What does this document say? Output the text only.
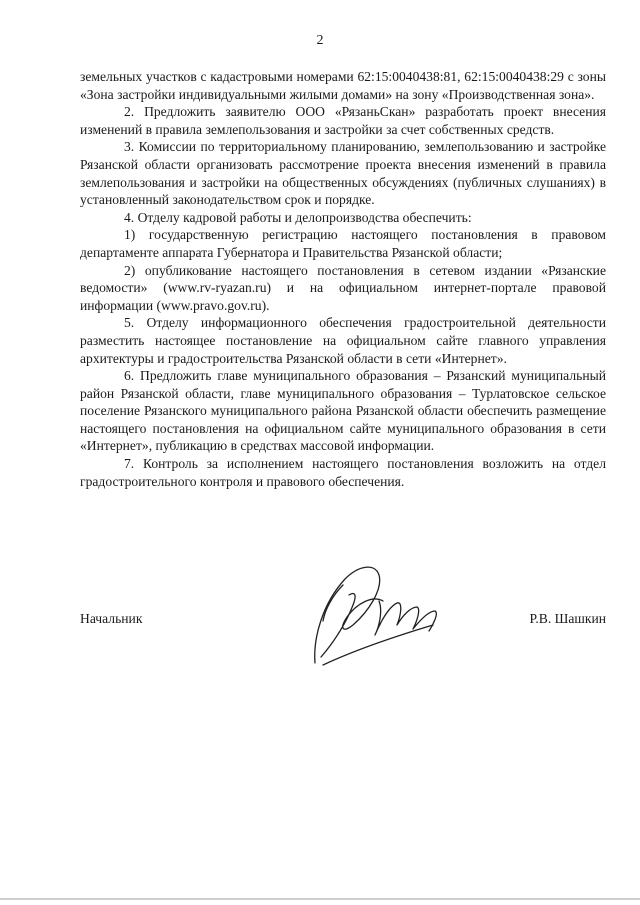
2

земельных участков с кадастровыми номерами 62:15:0040438:81, 62:15:0040438:29 с зоны «Зона застройки индивидуальными жилыми домами» на зону «Производственная зона».

2. Предложить заявителю ООО «РязаньСкан» разработать проект внесения изменений в правила землепользования и застройки за счет собственных средств.

3. Комиссии по территориальному планированию, землепользованию и застройке Рязанской области организовать рассмотрение проекта внесения изменений в правила землепользования и застройки на общественных обсуждениях (публичных слушаниях) в установленный законодательством срок и порядке.

4. Отделу кадровой работы и делопроизводства обеспечить:

1) государственную регистрацию настоящего постановления в правовом департаменте аппарата Губернатора и Правительства Рязанской области;

2) опубликование настоящего постановления в сетевом издании «Рязанские ведомости» (www.rv-ryazan.ru) и на официальном интернет-портале правовой информации (www.pravo.gov.ru).

5. Отделу информационного обеспечения градостроительной деятельности разместить настоящее постановление на официальном сайте главного управления архитектуры и градостроительства Рязанской области в сети «Интернет».

6. Предложить главе муниципального образования – Рязанский муниципальный район Рязанской области, главе муниципального образования – Турлатовское сельское поселение Рязанского муниципального района Рязанской области обеспечить размещение настоящего постановления на официальном сайте муниципального образования в сети «Интернет», публикацию в средствах массовой информации.

7. Контроль за исполнением настоящего постановления возложить на отдел градостроительного контроля и правового обеспечения.

Начальник	Р.В. Шашкин
